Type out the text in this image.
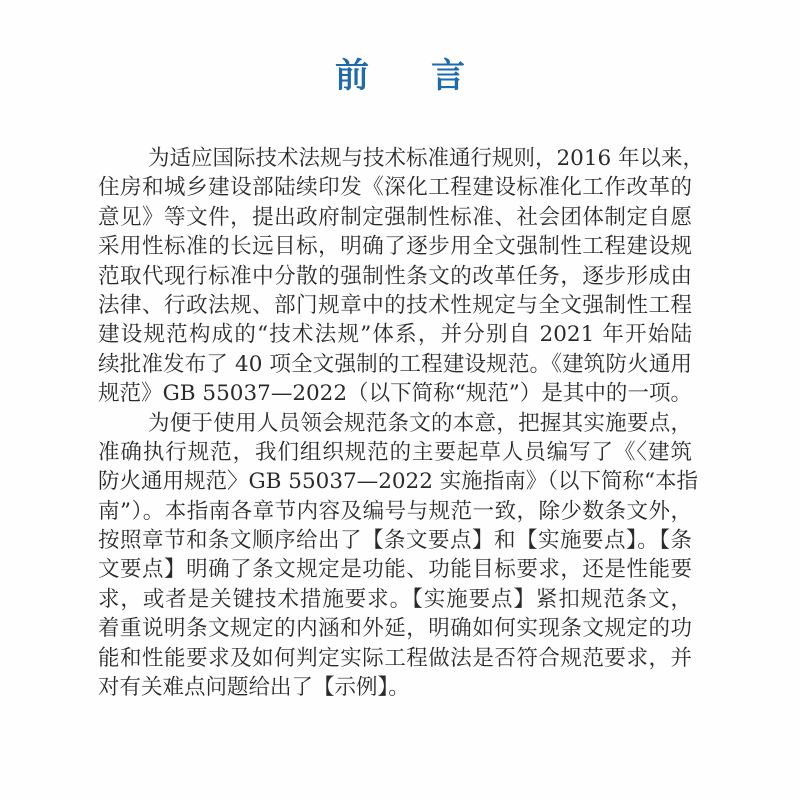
前 言
为适应国际技术法规与技术标准通行规则，2016 年以来，
住房和城乡建设部陆续印发《深化工程建设标准化工作改革的
意见》等文件，提出政府制定强制性标准、社会团体制定自愿
采用性标准的长远目标，明确了逐步用全文强制性工程建设规
范取代现行标准中分散的强制性条文的改革任务，逐步形成由
法律、行政法规、部门规章中的技术性规定与全文强制性工程
建设规范构成的“技术法规”体系，并分别自 2021 年开始陆
续批准发布了 40 项全文强制的工程建设规范。《建筑防火通用
规范》GB 55037—2022（以下简称“规范”）是其中的一项。
为便于使用人员领会规范条文的本意，把握其实施要点，
准确执行规范，我们组织规范的主要起草人员编写了《〈建筑
防火通用规范〉GB 55037—2022 实施指南》（以下简称“本指
南”）。本指南各章节内容及编号与规范一致，除少数条文外，
按照章节和条文顺序给出了【条文要点】和【实施要点】。【条
文要点】明确了条文规定是功能、功能目标要求，还是性能要
求，或者是关键技术措施要求。【实施要点】紧扣规范条文，
着重说明条文规定的内涵和外延，明确如何实现条文规定的功
能和性能要求及如何判定实际工程做法是否符合规范要求，并
对有关难点问题给出了【示例】。
